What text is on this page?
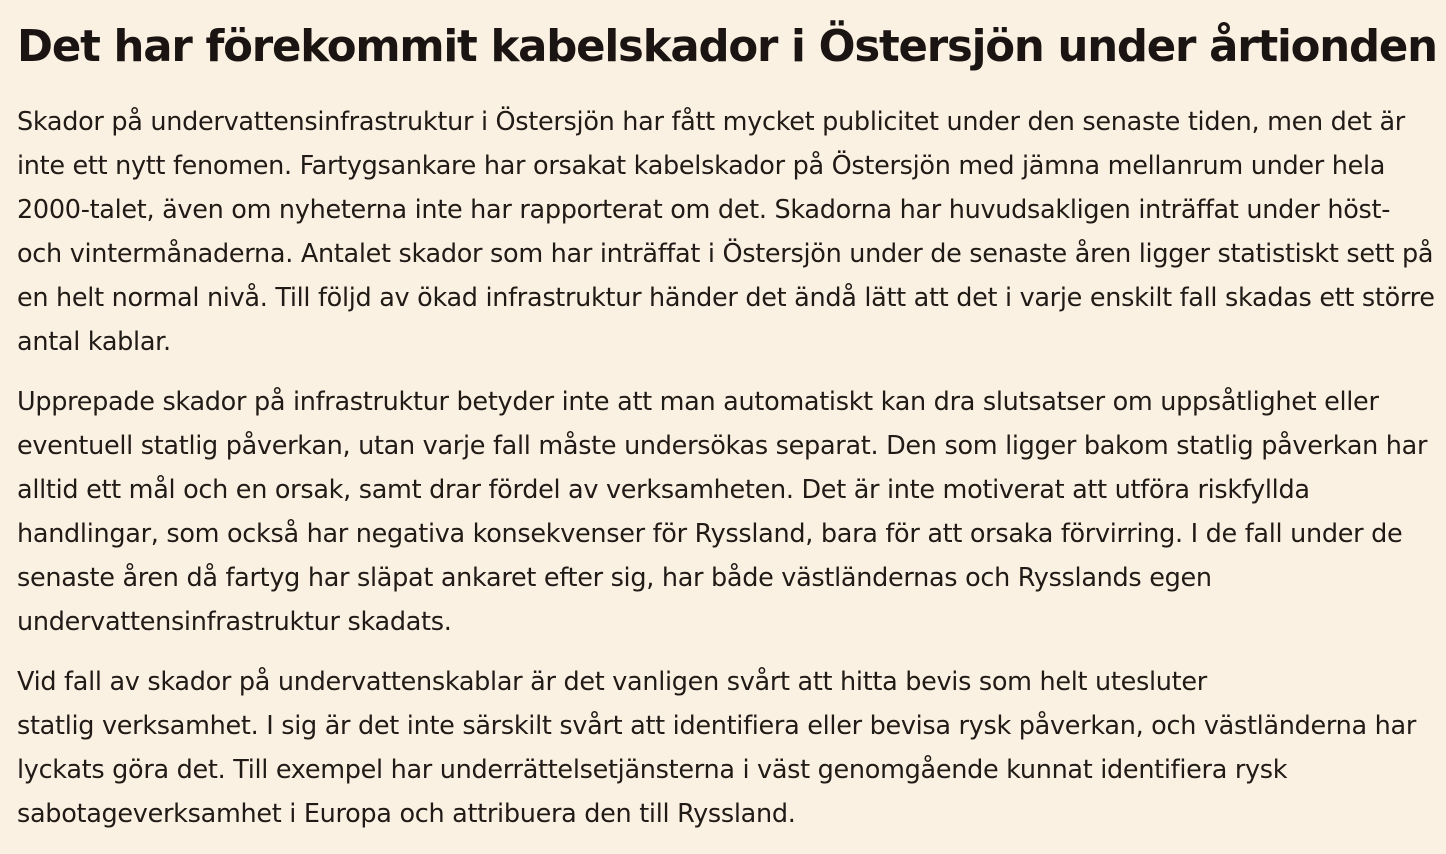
Det har förekommit kabelskador i Östersjön under årtionden

Skador på undervattensinfrastruktur i Östersjön har fått mycket publicitet under den senaste tiden, men det är
inte ett nytt fenomen. Fartygsankare har orsakat kabelskador på Östersjön med jämna mellanrum under hela
2000-talet, även om nyheterna inte har rapporterat om det. Skadorna har huvudsakligen inträffat under höst-
och vintermånaderna. Antalet skador som har inträffat i Östersjön under de senaste åren ligger statistiskt sett på
en helt normal nivå. Till följd av ökad infrastruktur händer det ändå lätt att det i varje enskilt fall skadas ett större
antal kablar.

Upprepade skador på infrastruktur betyder inte att man automatiskt kan dra slutsatser om uppsåtlighet eller
eventuell statlig påverkan, utan varje fall måste undersökas separat. Den som ligger bakom statlig påverkan har
alltid ett mål och en orsak, samt drar fördel av verksamheten. Det är inte motiverat att utföra riskfyllda
handlingar, som också har negativa konsekvenser för Ryssland, bara för att orsaka förvirring. I de fall under de
senaste åren då fartyg har släpat ankaret efter sig, har både västländernas och Rysslands egen
undervattensinfrastruktur skadats.

Vid fall av skador på undervattenskablar är det vanligen svårt att hitta bevis som helt utesluter
statlig verksamhet. I sig är det inte särskilt svårt att identifiera eller bevisa rysk påverkan, och västländerna har
lyckats göra det. Till exempel har underrättelsetjänsterna i väst genomgående kunnat identifiera rysk
sabotageverksamhet i Europa och attribuera den till Ryssland.
